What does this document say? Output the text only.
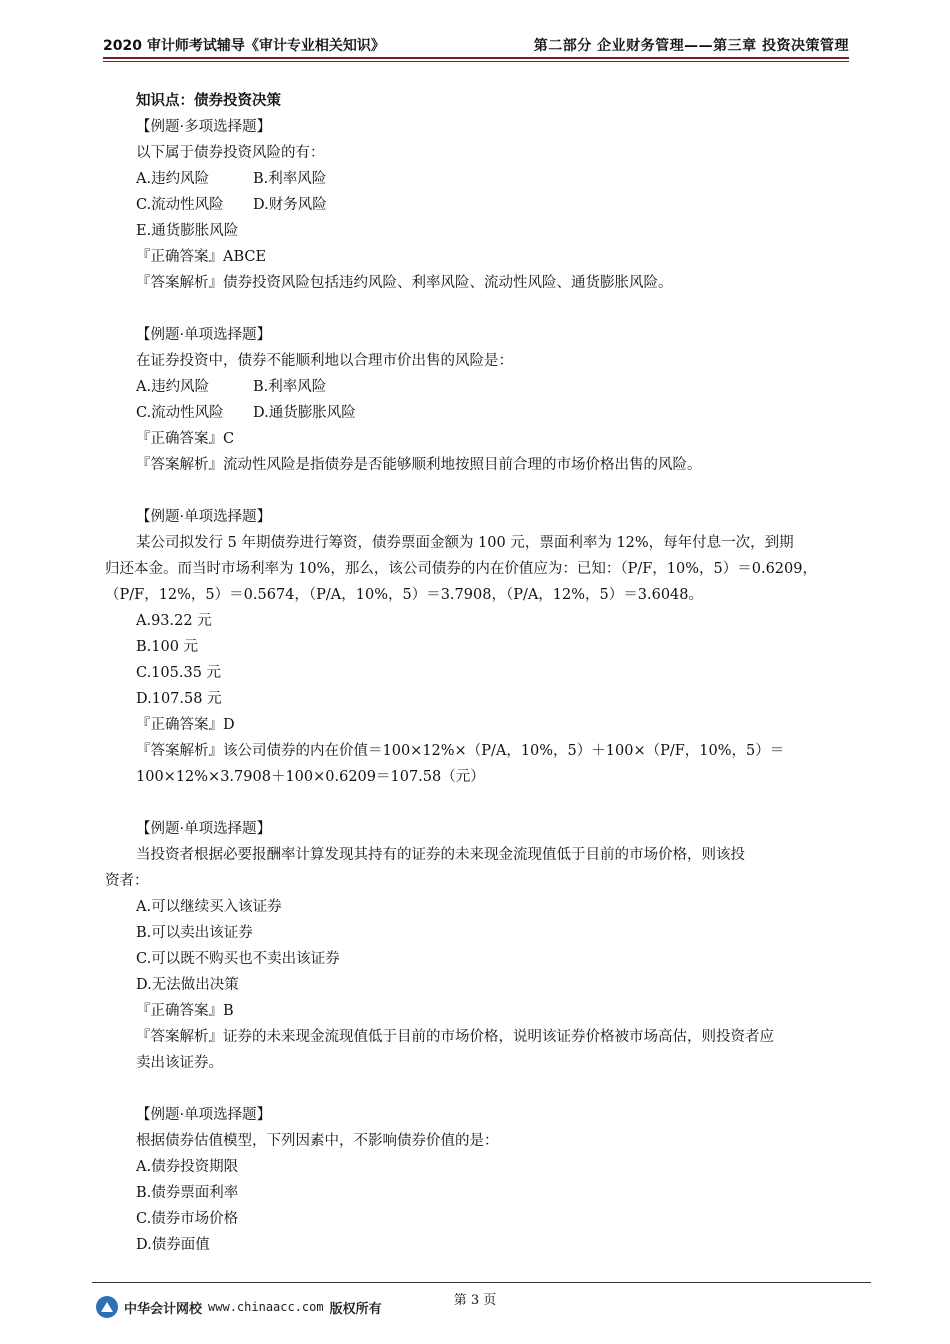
2020 审计师考试辅导《审计专业相关知识》	第二部分 企业财务管理——第三章 投资决策管理
知识点：债券投资决策
【例题·多项选择题】
以下属于债券投资风险的有：
A.违约风险	B.利率风险
C.流动性风险	D.财务风险
E.通货膨胀风险
『正确答案』ABCE
『答案解析』债券投资风险包括违约风险、利率风险、流动性风险、通货膨胀风险。
【例题·单项选择题】
在证券投资中，债券不能顺利地以合理市价出售的风险是：
A.违约风险	B.利率风险
C.流动性风险	D.通货膨胀风险
『正确答案』C
『答案解析』流动性风险是指债券是否能够顺利地按照目前合理的市场价格出售的风险。
【例题·单项选择题】
某公司拟发行 5 年期债券进行筹资，债券票面金额为 100 元，票面利率为 12%，每年付息一次，到期
归还本金。而当时市场利率为 10%，那么，该公司债券的内在价值应为：已知：（P/F，10%，5）＝0.6209，
（P/F，12%，5）＝0.5674，（P/A，10%，5）＝3.7908，（P/A，12%，5）＝3.6048。
A.93.22 元
B.100 元
C.105.35 元
D.107.58 元
『正确答案』D
『答案解析』该公司债券的内在价值＝100×12%×（P/A，10%，5）＋100×（P/F，10%，5）＝
100×12%×3.7908＋100×0.6209＝107.58（元）
【例题·单项选择题】
当投资者根据必要报酬率计算发现其持有的证券的未来现金流现值低于目前的市场价格，则该投
资者：
A.可以继续买入该证券
B.可以卖出该证券
C.可以既不购买也不卖出该证券
D.无法做出决策
『正确答案』B
『答案解析』证券的未来现金流现值低于目前的市场价格，说明该证券价格被市场高估，则投资者应
卖出该证券。
【例题·单项选择题】
根据债券估值模型，下列因素中，不影响债券价值的是：
A.债券投资期限
B.债券票面利率
C.债券市场价格
D.债券面值
第 3 页
中华会计网校 www.chinaacc.com 版权所有
